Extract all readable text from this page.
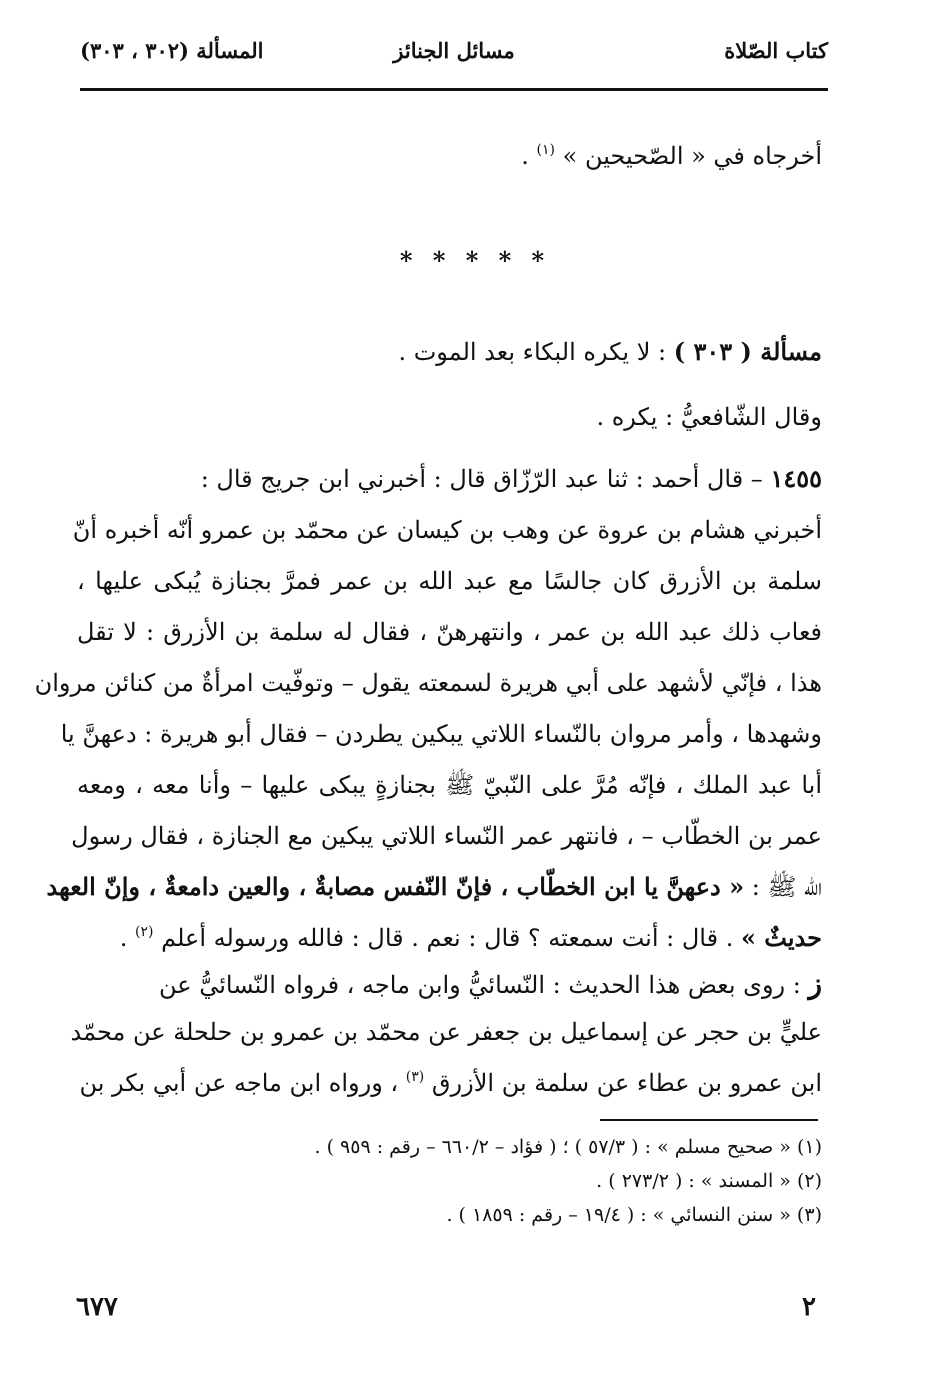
كتاب الصّلاة
مسائل الجنائز
المسألة (٣٠٢ ، ٣٠٣)
أخرجاه في « الصّحيحين » $^{(١)}$ .
* * * * *
مسألة ( ٣٠٣ ) : لا يكره البكاء بعد الموت .
وقال الشّافعيُّ : يكره .
١٤٥٥ – قال أحمد : ثنا عبد الرّزّاق قال : أخبرني ابن جريج قال :
أخبرني هشام بن عروة عن وهب بن كيسان عن محمّد بن عمرو أنّه أخبره أنّ
سلمة بن الأزرق كان جالسًا مع عبد الله بن عمر فمرَّ بجنازة يُبكى عليها ،
فعاب ذلك عبد الله بن عمر ، وانتهرهنّ ، فقال له سلمة بن الأزرق : لا تقل
هذا ، فإنّي لأشهد على أبي هريرة لسمعته يقول – وتوفّيت امرأةٌ من كنائن مروان
وشهدها ، وأمر مروان بالنّساء اللاتي يبكين يطردن – فقال أبو هريرة : دعهنَّ يا
أبا عبد الملك ، فإنّه مُرَّ على النّبيّ ﷺ بجنازةٍ يبكى عليها – وأنا معه ، ومعه
عمر بن الخطّاب – ، فانتهر عمر النّساء اللاتي يبكين مع الجنازة ، فقال رسول
الله ﷺ : « دعهنَّ يا ابن الخطّاب ، فإنّ النّفس مصابةٌ ، والعين دامعةٌ ، وإنّ العهد
حديثٌ » . قال : أنت سمعته ؟ قال : نعم . قال : فالله ورسوله أعلم $^{(٢)}$ .
ز : روى بعض هذا الحديث : النّسائيُّ وابن ماجه ، فرواه النّسائيُّ عن
عليٍّ بن حجر عن إسماعيل بن جعفر عن محمّد بن عمرو بن حلحلة عن محمّد
ابن عمرو بن عطاء عن سلمة بن الأزرق $^{(٣)}$ ، ورواه ابن ماجه عن أبي بكر بن
(١) « صحيح مسلم » : ( ٥٧/٣ ) ؛ ( فؤاد – ٦٦٠/٢ – رقم : ٩٥٩ ) .
(٢) « المسند » : ( ٢٧٣/٢ ) .
(٣) « سنن النسائي » : ( ١٩/٤ – رقم : ١٨٥٩ ) .
٦٧٧	٢
